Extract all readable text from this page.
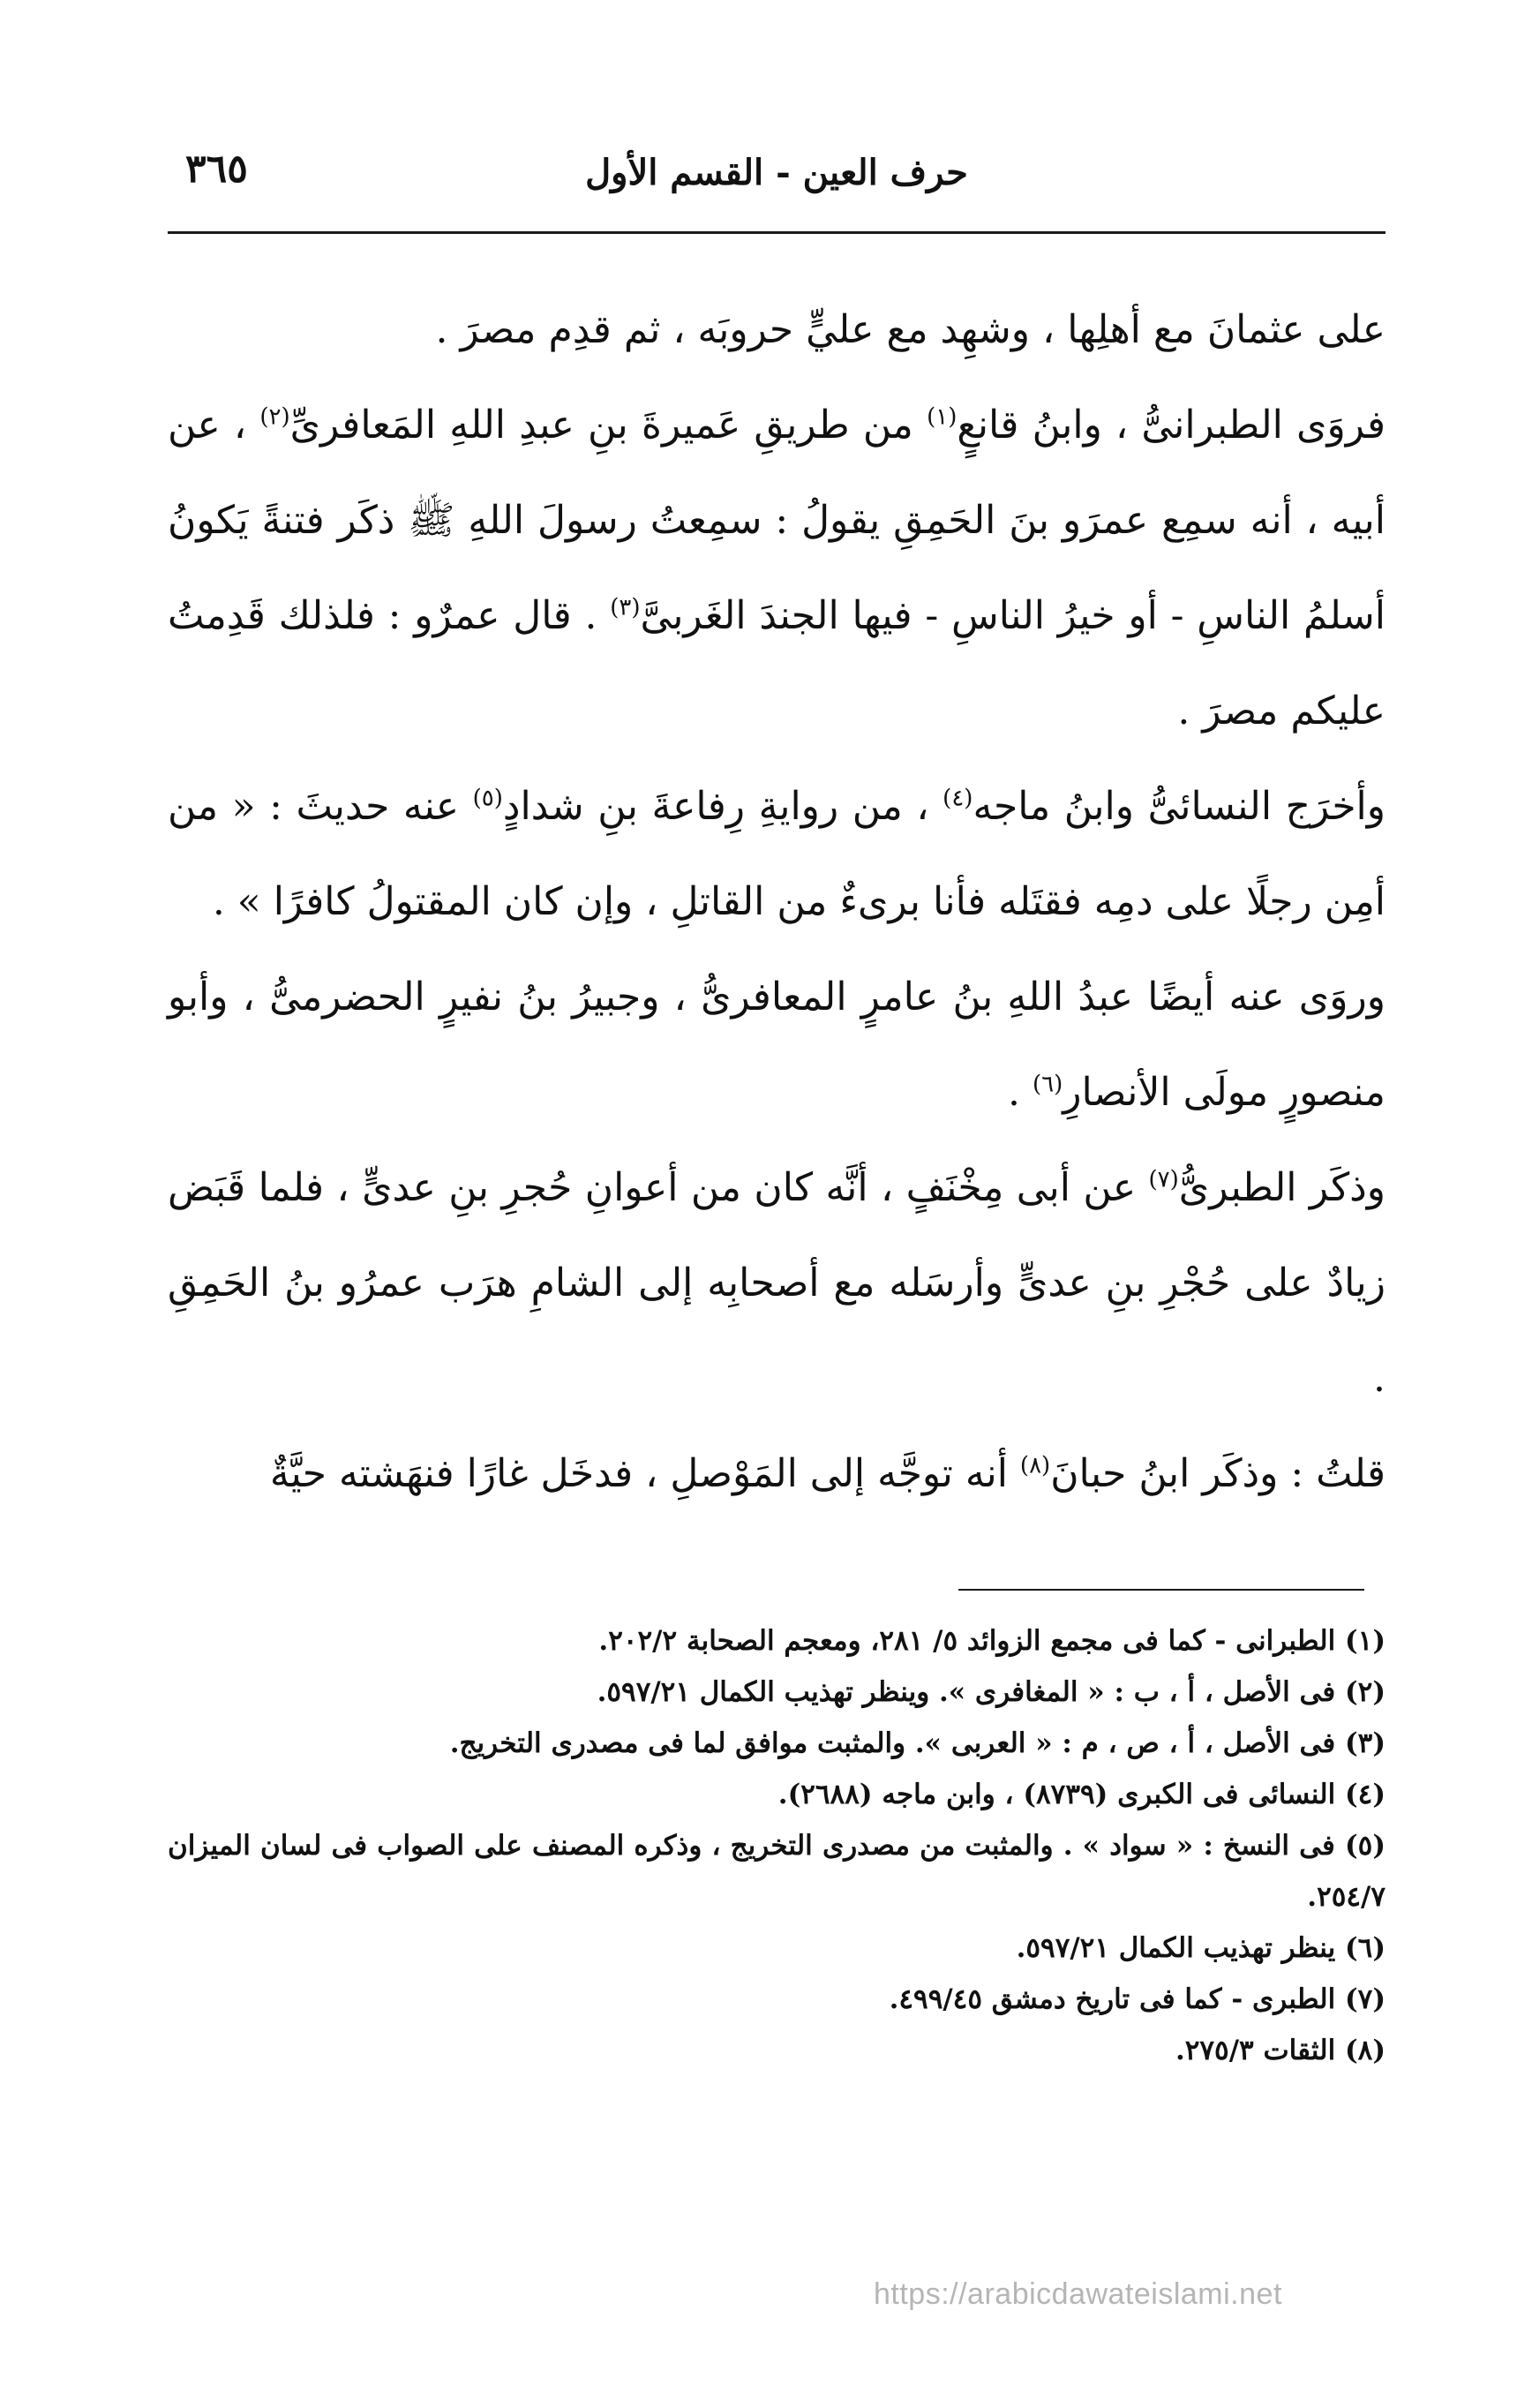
حرف العين - القسم الأول
٣٦٥

على عثمانَ مع أهلِها ، وشهِد مع عليٍّ حروبَه ، ثم قدِم مصرَ .

فروَى الطبرانىُّ ، وابنُ قانعٍ$^{(١)}$ من طريقِ عَميرةَ بنِ عبدِ اللهِ المَعافرىِّ$^{(٢)}$ ، عن أبيه ، أنه سمِع عمرَو بنَ الحَمِقِ يقولُ : سمِعتُ رسولَ اللهِ ﷺ ذكَر فتنةً يَكونُ أسلمُ الناسِ - أو خيرُ الناسِ - فيها الجندَ الغَربىَّ$^{(٣)}$ . قال عمرٌو : فلذلك قَدِمتُ عليكم مصرَ .

وأخرَج النسائىُّ وابنُ ماجه$^{(٤)}$ ، من روايةِ رِفاعةَ بنِ شدادٍ$^{(٥)}$ عنه حديثَ : « من أمِن رجلًا على دمِه فقتَله فأنا برىءٌ من القاتلِ ، وإن كان المقتولُ كافرًا » .

وروَى عنه أيضًا عبدُ اللهِ بنُ عامرٍ المعافرىُّ ، وجبيرُ بنُ نفيرٍ الحضرمىُّ ، وأبو منصورٍ مولَى الأنصارِ$^{(٦)}$ .

وذكَر الطبرىُّ$^{(٧)}$ عن أبى مِخْنَفٍ ، أنَّه كان من أعوانِ حُجرِ بنِ عدىٍّ ، فلما قَبَض زيادٌ على حُجْرِ بنِ عدىٍّ وأرسَله مع أصحابِه إلى الشامِ هرَب عمرُو بنُ الحَمِقِ .

قلتُ : وذكَر ابنُ حبانَ$^{(٨)}$ أنه توجَّه إلى المَوْصلِ ، فدخَل غارًا فنهَشته حيَّةٌ

(١) الطبرانى - كما فى مجمع الزوائد ٥/ ٢٨١، ومعجم الصحابة ٢٠٢/٢.

(٢) فى الأصل ، أ ، ب : « المغافرى ». وينظر تهذيب الكمال ٥٩٧/٢١.

(٣) فى الأصل ، أ ، ص ، م : « العربى ». والمثبت موافق لما فى مصدرى التخريج.

(٤) النسائى فى الكبرى (٨٧٣٩) ، وابن ماجه (٢٦٨٨).

(٥) فى النسخ : « سواد » . والمثبت من مصدرى التخريج ، وذكره المصنف على الصواب فى لسان الميزان ٢٥٤/٧.

(٦) ينظر تهذيب الكمال ٥٩٧/٢١.

(٧) الطبرى - كما فى تاريخ دمشق ٤٩٩/٤٥.

(٨) الثقات ٢٧٥/٣.

https://arabicdawateislami.net
